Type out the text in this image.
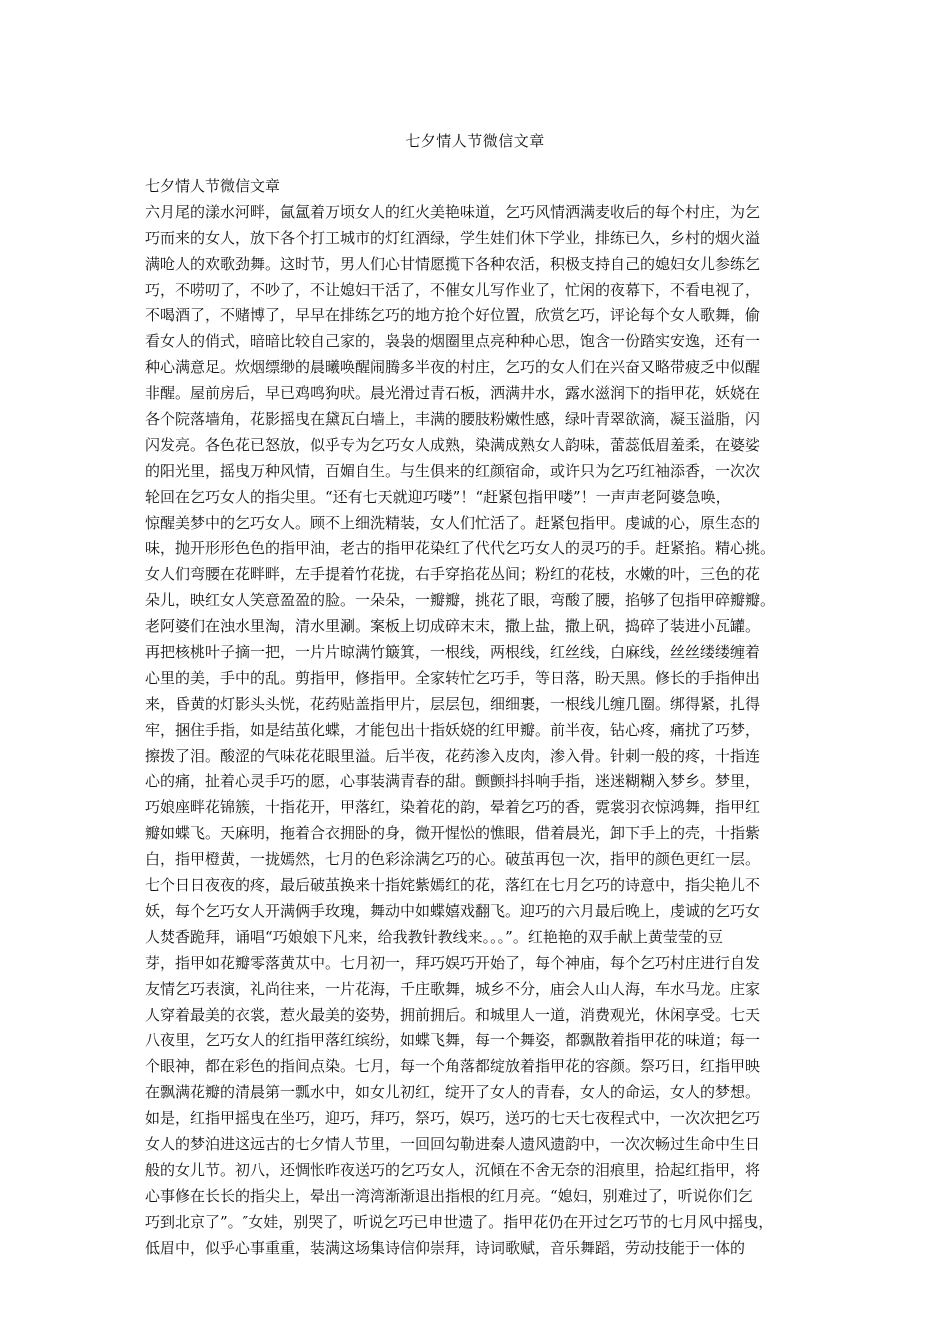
七夕情人节微信文章
七夕情人节微信文章
六月尾的漾水河畔，氤氲着万顷女人的红火美艳味道，乞巧风情洒满麦收后的每个村庄，为乞
巧而来的女人，放下各个打工城市的灯红酒绿，学生娃们休下学业，排练已久，乡村的烟火溢
满呛人的欢歌劲舞。这时节，男人们心甘情愿揽下各种农活，积极支持自己的媳妇女儿参练乞
巧，不唠叨了，不吵了，不让媳妇干活了，不催女儿写作业了，忙闲的夜幕下，不看电视了，
不喝酒了，不赌博了，早早在排练乞巧的地方抢个好位置，欣赏乞巧，评论每个女人歌舞，偷
看女人的俏式，暗暗比较自己家的，袅袅的烟圈里点亮种种心思，饱含一份踏实安逸，还有一
种心满意足。炊烟缥缈的晨曦唤醒闹腾多半夜的村庄，乞巧的女人们在兴奋又略带疲乏中似醒
非醒。屋前房后，早已鸡鸣狗吠。晨光滑过青石板，洒满井水，露水滋润下的指甲花，妖娆在
各个院落墙角，花影摇曳在黛瓦白墙上，丰满的腰肢粉嫩性感，绿叶青翠欲滴，凝玉溢脂，闪
闪发亮。各色花已怒放，似乎专为乞巧女人成熟，染满成熟女人韵味，蕾蕊低眉羞柔，在婆娑
的阳光里，摇曳万种风情，百媚自生。与生俱来的红颜宿命，或许只为乞巧红袖添香，一次次
轮回在乞巧女人的指尖里。“还有七天就迎巧喽”！“赶紧包指甲喽”！一声声老阿婆急唤，
惊醒美梦中的乞巧女人。顾不上细洗精装，女人们忙活了。赶紧包指甲。虔诚的心，原生态的
味，抛开形形色色的指甲油，老古的指甲花染红了代代乞巧女人的灵巧的手。赶紧掐。精心挑。
女人们弯腰在花畔畔，左手提着竹花拢，右手穿掐花丛间；粉红的花枝，水嫩的叶，三色的花
朵儿，映红女人笑意盈盈的脸。一朵朵，一瓣瓣，挑花了眼，弯酸了腰，掐够了包指甲碎瓣瓣。
老阿婆们在浊水里淘，清水里涮。案板上切成碎末末，撒上盐，撒上矾，捣碎了装进小瓦罐。
再把核桃叶子摘一把，一片片晾满竹簸箕，一根线，两根线，红丝线，白麻线，丝丝缕缕缠着
心里的美，手中的乱。剪指甲，修指甲。全家转忙乞巧手，等日落，盼天黑。修长的手指伸出
来，昏黄的灯影头头恍，花药贴盖指甲片，层层包，细细裹，一根线儿缠几圈。绑得紧，扎得
牢，捆住手指，如是结茧化蝶，才能包出十指妖娆的红甲瓣。前半夜，钻心疼，痛扰了巧梦，
擦拨了泪。酸涩的气味花花眼里溢。后半夜，花药渗入皮肉，渗入骨。针刺一般的疼，十指连
心的痛，扯着心灵手巧的愿，心事装满青春的甜。颤颤抖抖响手指，迷迷糊糊入梦乡。梦里，
巧娘座畔花锦簇，十指花开，甲落红，染着花的韵，晕着乞巧的香，霓裳羽衣惊鸿舞，指甲红
瓣如蝶飞。天麻明，拖着合衣拥卧的身，微开惺忪的憔眼，借着晨光，卸下手上的壳，十指紫
白，指甲橙黄，一拢嫣然，七月的色彩涂满乞巧的心。破茧再包一次，指甲的颜色更红一层。
七个日日夜夜的疼，最后破茧换来十指姹紫嫣红的花，落红在七月乞巧的诗意中，指尖艳儿不
妖，每个乞巧女人开满俩手玫瑰，舞动中如蝶嬉戏翻飞。迎巧的六月最后晚上，虔诚的乞巧女
人焚香跪拜，诵唱“巧娘娘下凡来，给我教针教线来。。。”。红艳艳的双手献上黄莹莹的豆
芽，指甲如花瓣零落黄苁中。七月初一，拜巧娱巧开始了，每个神庙，每个乞巧村庄进行自发
友情乞巧表演，礼尚往来，一片花海，千庄歌舞，城乡不分，庙会人山人海，车水马龙。庄家
人穿着最美的衣裳，惹火最美的姿势，拥前拥后。和城里人一道，消费观光，休闲享受。七天
八夜里，乞巧女人的红指甲落红缤纷，如蝶飞舞，每一个舞姿，都飘散着指甲花的味道；每一
个眼神，都在彩色的指间点染。七月，每一个角落都绽放着指甲花的容颜。祭巧日，红指甲映
在飘满花瓣的清晨第一瓢水中，如女儿初红，绽开了女人的青春，女人的命运，女人的梦想。
如是，红指甲摇曳在坐巧，迎巧，拜巧，祭巧，娱巧，送巧的七天七夜程式中，一次次把乞巧
女人的梦泊进这远古的七夕情人节里，一回回勾勒进秦人遗风遗韵中，一次次畅过生命中生日
般的女儿节。初八，还惆怅昨夜送巧的乞巧女人，沉傾在不舍无奈的泪痕里，拾起红指甲，将
心事修在长长的指尖上，晕出一湾湾渐渐退出指根的红月亮。“媳妇，别难过了，听说你们乞
巧到北京了”。″女娃，别哭了，听说乞巧已申世遗了。指甲花仍在开过乞巧节的七月风中摇曳，
低眉中，似乎心事重重，装满这场集诗信仰崇拜，诗词歌赋，音乐舞蹈，劳动技能于一体的
